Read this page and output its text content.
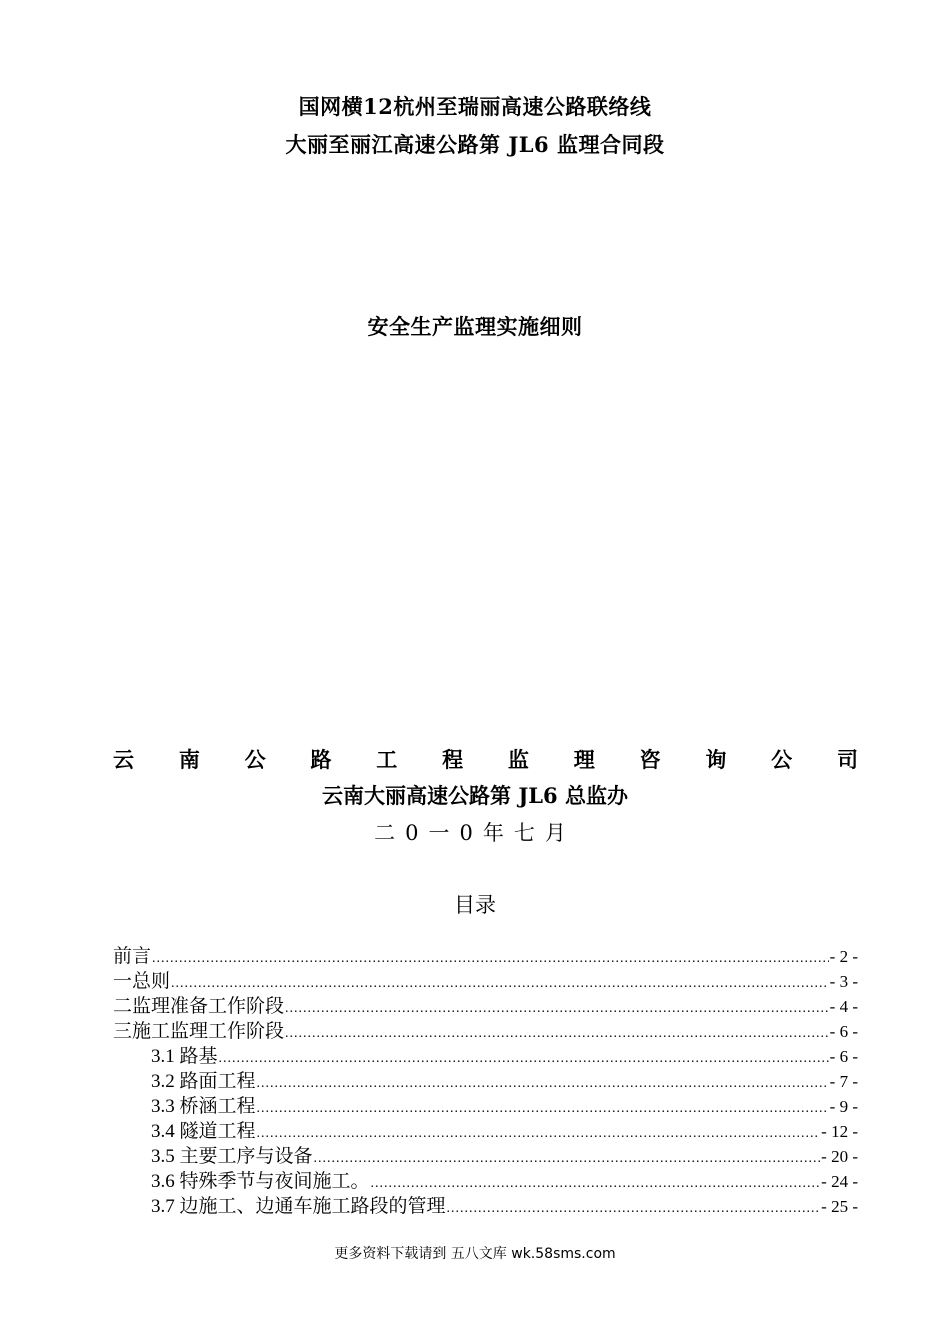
国网横12杭州至瑞丽高速公路联络线
大丽至丽江高速公路第 JL6 监理合同段
安全生产监理实施细则
云 南 公 路 工 程 监 理 咨 询 公 司
云南大丽高速公路第 JL6 总监办
二0一0年七月
目录
前言 .....	- 2 -
一总则 .....	- 3 -
二监理准备工作阶段 .....	- 4 -
三施工监理工作阶段 .....	- 6 -
3.1 路基 .....	- 6 -
3.2 路面工程 .....	- 7 -
3.3 桥涵工程 .....	- 9 -
3.4 隧道工程 .....	- 12 -
3.5 主要工序与设备 .....	- 20 -
3.6 特殊季节与夜间施工。 .....	- 24 -
3.7 边施工、边通车施工路段的管理 .....	- 25 -
更多资料下载请到 五八文库 wk.58sms.com
